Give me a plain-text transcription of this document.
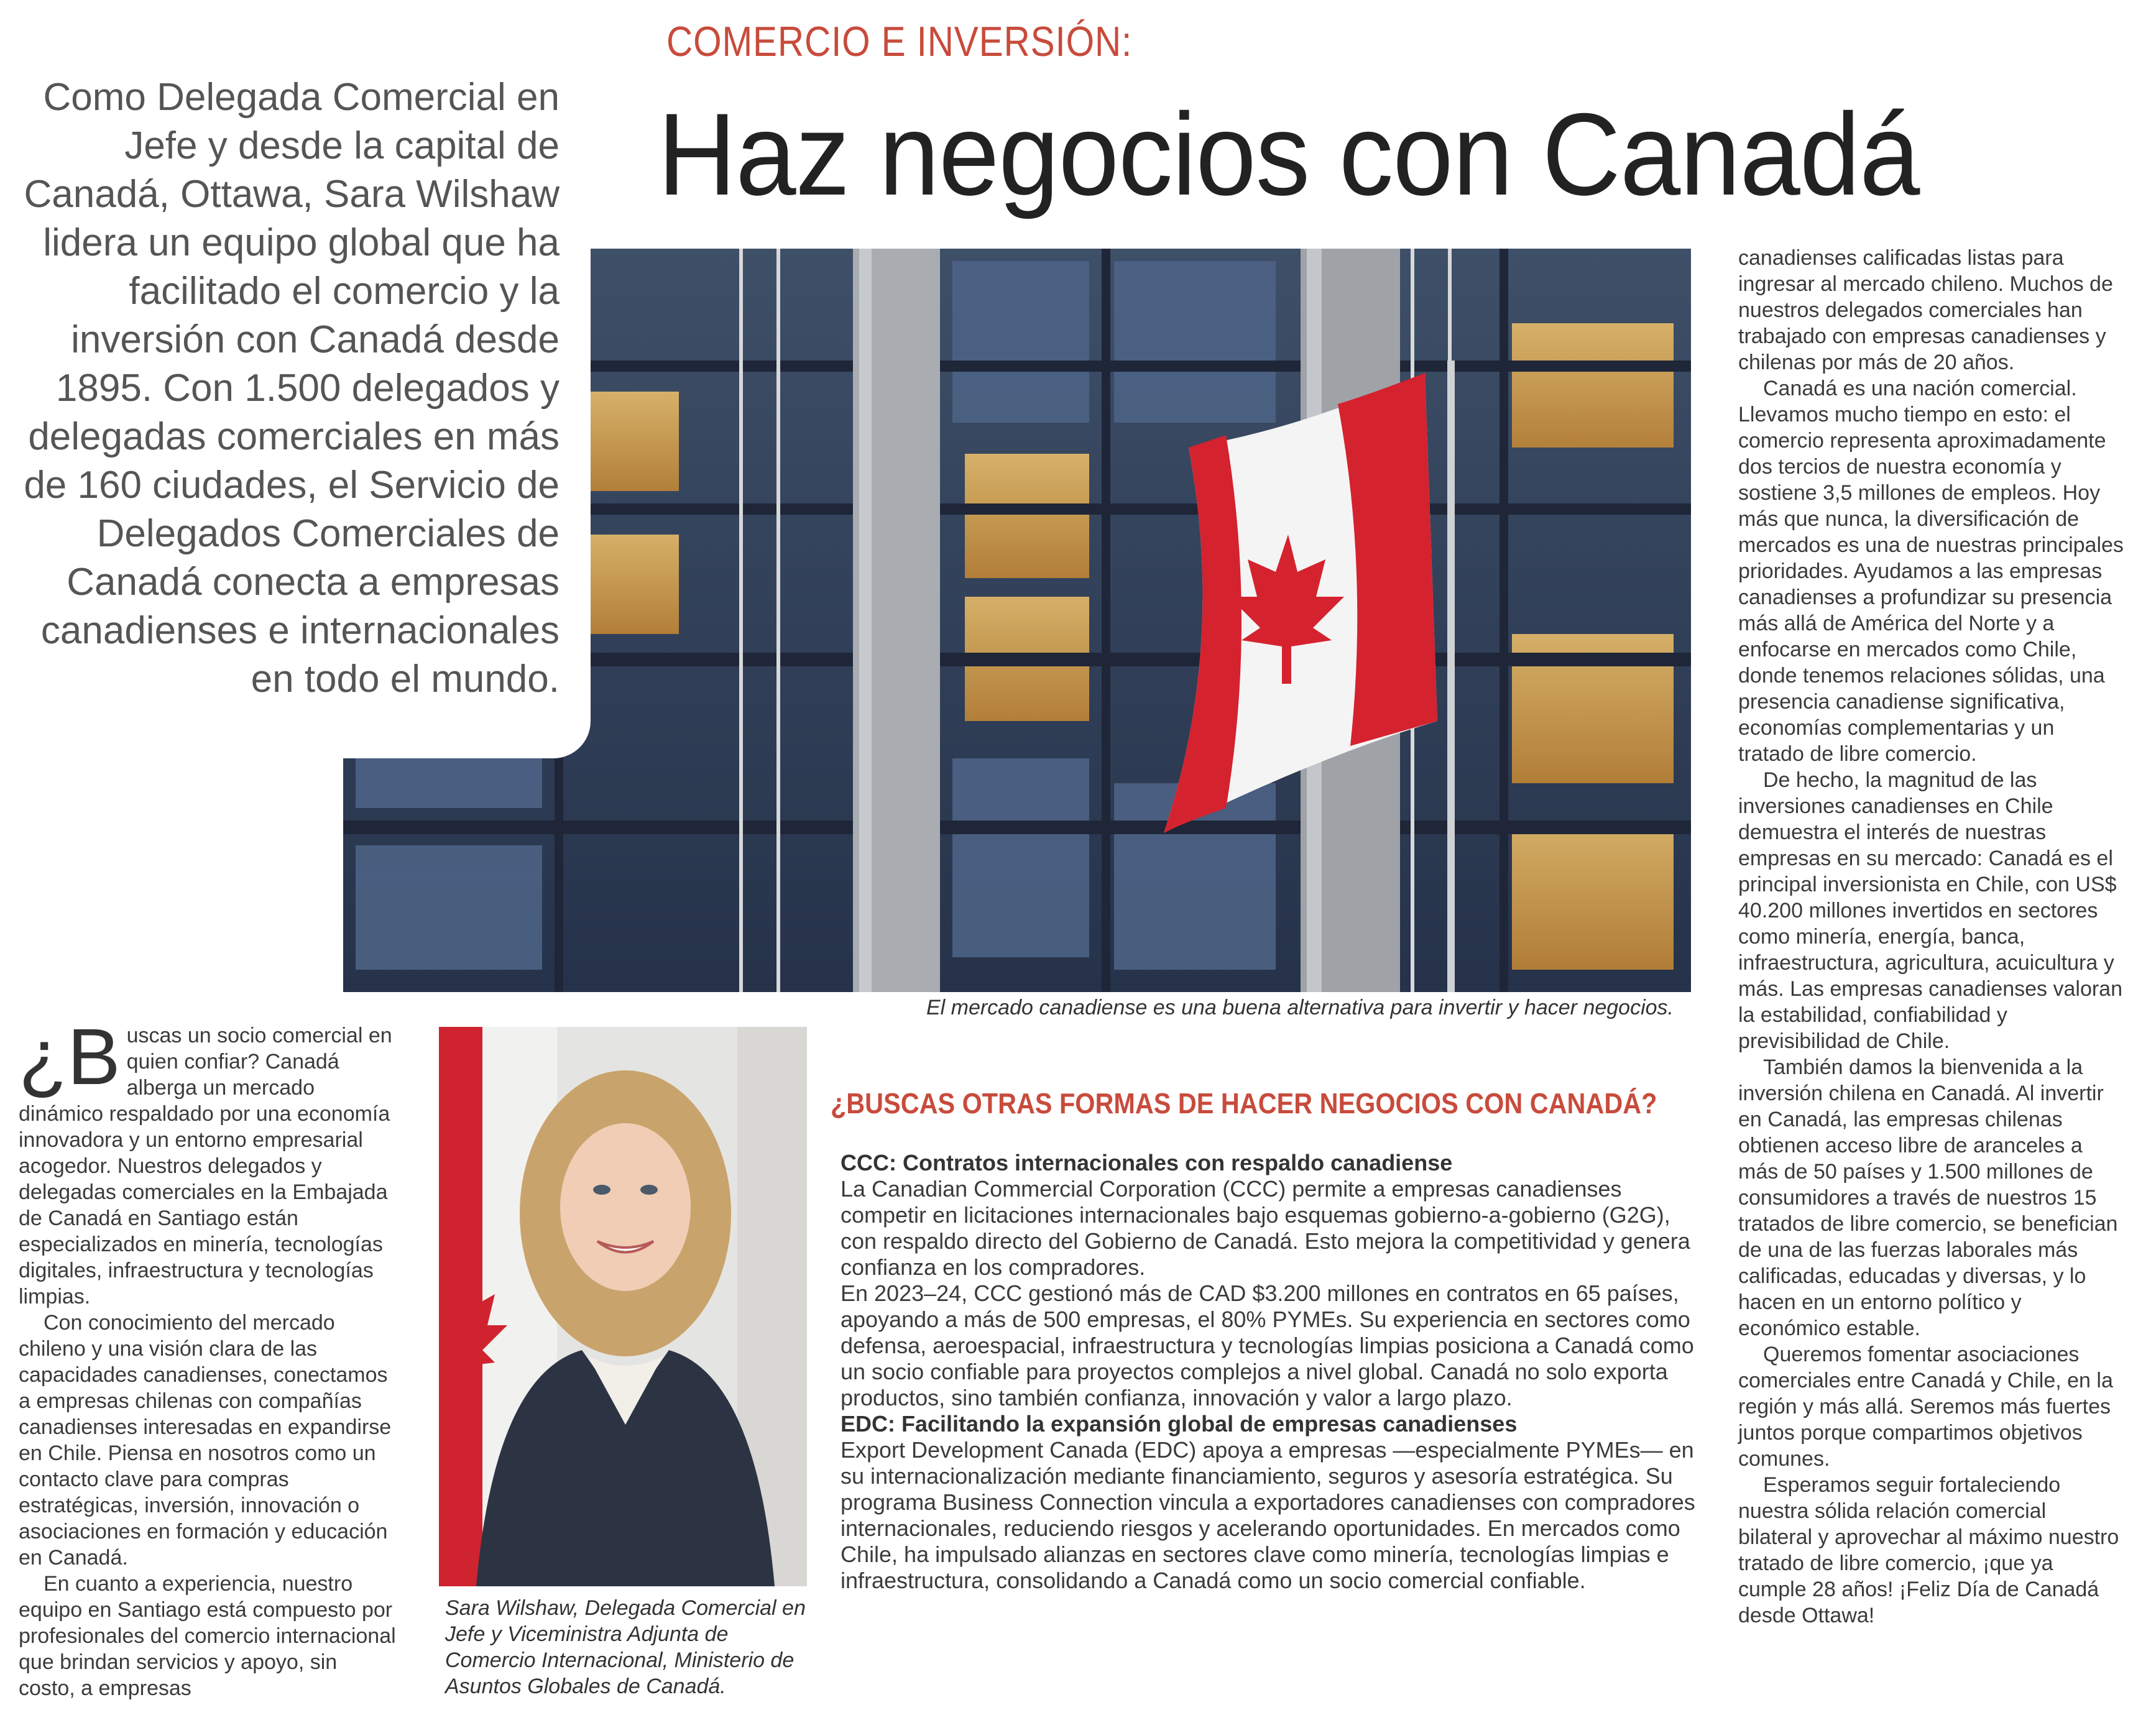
COMERCIO E INVERSIÓN:
Haz negocios con Canadá
Como Delegada Comercial en Jefe y desde la capital de Canadá, Ottawa, Sara Wilshaw lidera un equipo global que ha facilitado el comercio y la inversión con Canadá desde 1895. Con 1.500 delegados y delegadas comerciales en más de 160 ciudades, el Servicio de Delegados Comerciales de Canadá conecta a empresas canadienses e internacionales en todo el mundo.
El mercado canadiense es una buena alternativa para invertir y hacer negocios.

¿B uscas un socio comercial en quien confiar? Canadá alberga un mercado dinámico respaldado por una economía innovadora y un entorno empresarial acogedor. Nuestros delegados y delegadas comerciales en la Embajada de Canadá en Santiago están especializados en minería, tecnologías digitales, infraestructura y tecnologías limpias.

Con conocimiento del mercado chileno y una visión clara de las capacidades canadienses, conectamos a empresas chilenas con compañías canadienses interesadas en expandirse en Chile. Piensa en nosotros como un contacto clave para compras estratégicas, inversión, innovación o asociaciones en formación y educación en Canadá.

En cuanto a experiencia, nuestro equipo en Santiago está compuesto por profesionales del comercio internacional que brindan servicios y apoyo, sin costo, a empresas

Sara Wilshaw, Delegada Comercial en Jefe y Viceministra Adjunta de Comercio Internacional, Ministerio de Asuntos Globales de Canadá.
¿BUSCAS OTRAS FORMAS DE HACER NEGOCIOS CON CANADÁ?

CCC: Contratos internacionales con respaldo canadiense

La Canadian Commercial Corporation (CCC) permite a empresas canadienses competir en licitaciones internacionales bajo esquemas gobierno-a-gobierno (G2G), con respaldo directo del Gobierno de Canadá. Esto mejora la competitividad y genera confianza en los compradores.

En 2023–24, CCC gestionó más de CAD $3.200 millones en contratos en 65 países, apoyando a más de 500 empresas, el 80% PYMEs. Su experiencia en sectores como defensa, aeroespacial, infraestructura y tecnologías limpias posiciona a Canadá como un socio confiable para proyectos complejos a nivel global. Canadá no solo exporta productos, sino también confianza, innovación y valor a largo plazo.

EDC: Facilitando la expansión global de empresas canadienses

Export Development Canada (EDC) apoya a empresas —especialmente PYMEs— en su internacionalización mediante financiamiento, seguros y asesoría estratégica. Su programa Business Connection vincula a exportadores canadienses con compradores internacionales, reduciendo riesgos y acelerando oportunidades. En mercados como Chile, ha impulsado alianzas en sectores clave como minería, tecnologías limpias e infraestructura, consolidando a Canadá como un socio comercial confiable.

canadienses calificadas listas para ingresar al mercado chileno. Muchos de nuestros delegados comerciales han trabajado con empresas canadienses y chilenas por más de 20 años.

Canadá es una nación comercial. Llevamos mucho tiempo en esto: el comercio representa aproximadamente dos tercios de nuestra economía y sostiene 3,5 millones de empleos. Hoy más que nunca, la diversificación de mercados es una de nuestras principales prioridades. Ayudamos a las empresas canadienses a profundizar su presencia más allá de América del Norte y a enfocarse en mercados como Chile, donde tenemos relaciones sólidas, una presencia canadiense significativa, economías complementarias y un tratado de libre comercio.

De hecho, la magnitud de las inversiones canadienses en Chile demuestra el interés de nuestras empresas en su mercado: Canadá es el principal inversionista en Chile, con US$ 40.200 millones invertidos en sectores como minería, energía, banca, infraestructura, agricultura, acuicultura y más. Las empresas canadienses valoran la estabilidad, confiabilidad y previsibilidad de Chile.

También damos la bienvenida a la inversión chilena en Canadá. Al invertir en Canadá, las empresas chilenas obtienen acceso libre de aranceles a más de 50 países y 1.500 millones de consumidores a través de nuestros 15 tratados de libre comercio, se benefician de una de las fuerzas laborales más calificadas, educadas y diversas, y lo hacen en un entorno político y económico estable.

Queremos fomentar asociaciones comerciales entre Canadá y Chile, en la región y más allá. Seremos más fuertes juntos porque compartimos objetivos comunes.

Esperamos seguir fortaleciendo nuestra sólida relación comercial bilateral y aprovechar al máximo nuestro tratado de libre comercio, ¡que ya cumple 28 años! ¡Feliz Día de Canadá desde Ottawa!
